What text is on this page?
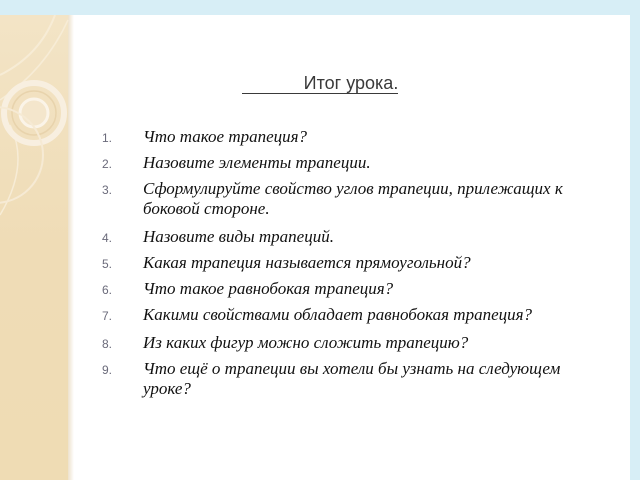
Итог урока.
1. Что такое трапеция?
2. Назовите элементы трапеции.
3. Сформулируйте свойство углов трапеции, прилежащих к боковой стороне.
4. Назовите виды трапеций.
5. Какая трапеция называется прямоугольной?
6. Что такое равнобокая трапеция?
7. Какими свойствами обладает равнобокая трапеция?
8. Из каких фигур можно сложить трапецию?
9. Что ещё о трапеции вы хотели бы узнать на следующем уроке?
